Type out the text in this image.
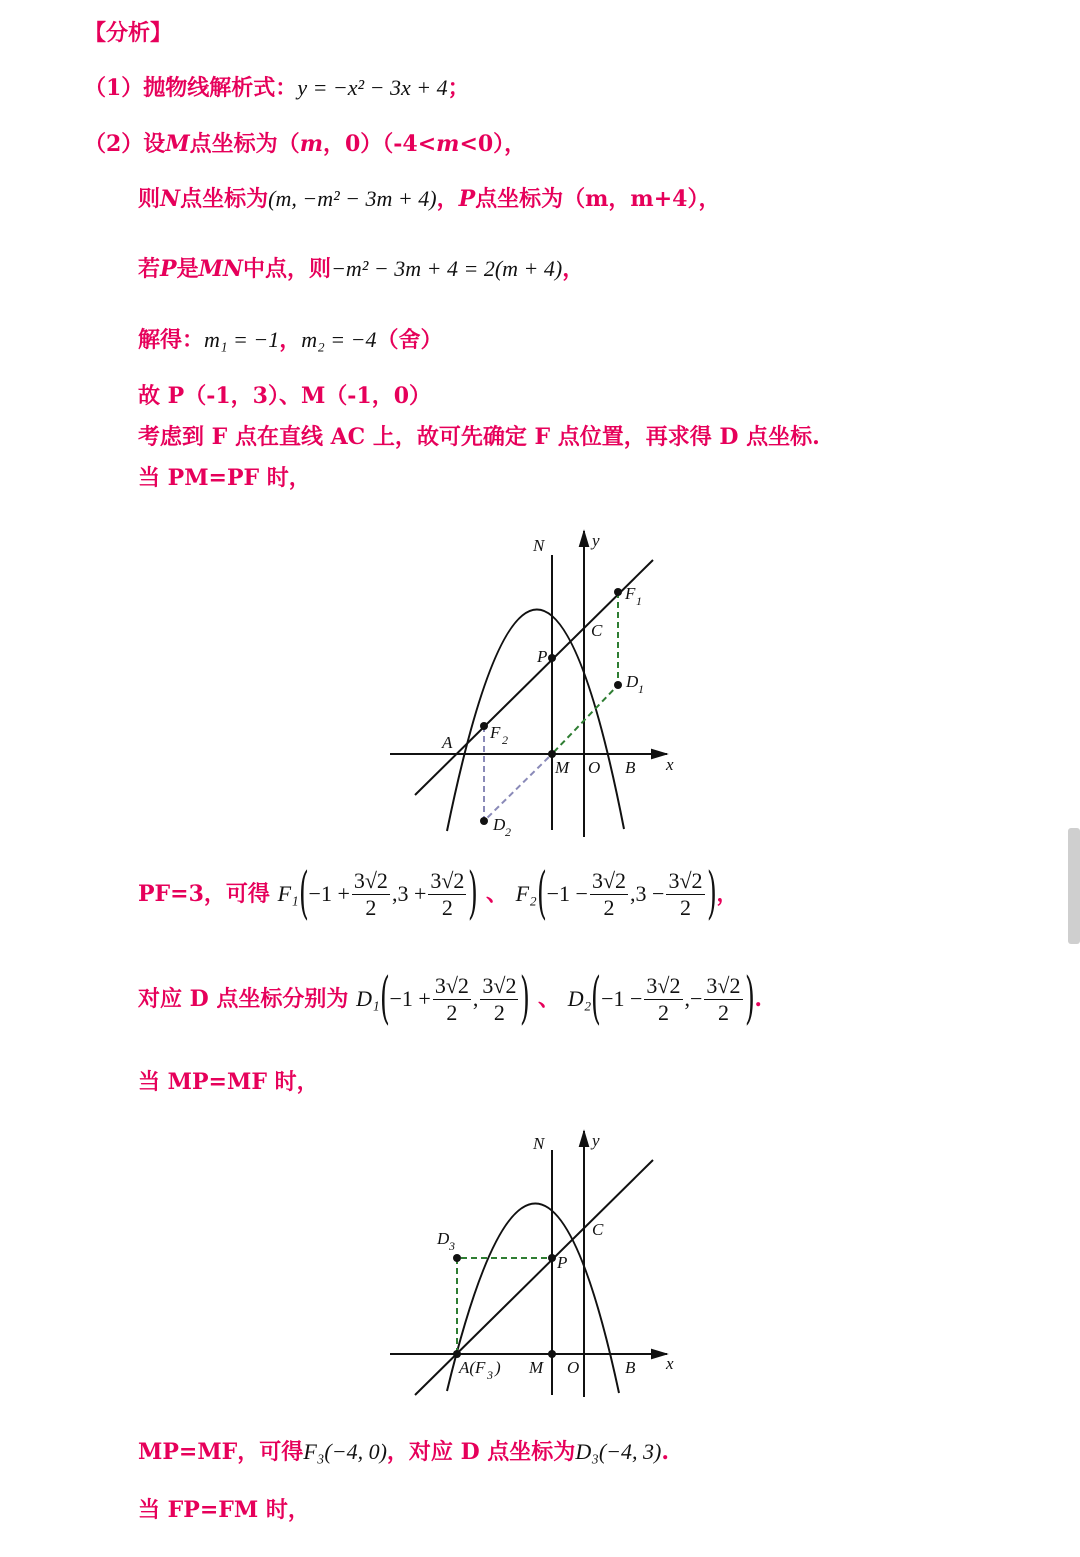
【分析】
（1）抛物线解析式：y = −x² − 3x + 4；
（2）设M点坐标为（m，0）（-4<m<0），
则N点坐标为(m, −m² − 3m + 4)，P点坐标为（m，m+4），
若P是MN中点，则−m² − 3m + 4 = 2(m + 4)，
解得：m₁ = −1，m₂ = −4（舍）
故 P（-1，3）、M（-1，0）
考虑到 F 点在直线 AC 上，故可先确定 F 点位置，再求得 D 点坐标.
当 PM=PF 时，
N	y
F 1
C
P
D 1
A
F 2
M O B x
D 2
PF=3，可得 $F_1(-1 + \frac{3√2}{2} ,3 + \frac{3√2}{2}$ ) 、 $F_2(-1 - \frac{3√2}{2} ,3 - \frac{3√2}{2}$ )，
对应 D 点坐标分别为 $D_1(-1 + \frac{3√2}{2}$ , $\frac{3√2}{2}$ ) 、 $D_2(-1 - \frac{3√2}{2}$ ,− $\frac{3√2}{2}$ ).
当 MP=MF 时，
N	y
C
D 3
P
A(F 3 ) M O	B x
MP=MF，可得F₃(−4, 0)，对应 D 点坐标为D₃(−4, 3).
当 FP=FM 时，
